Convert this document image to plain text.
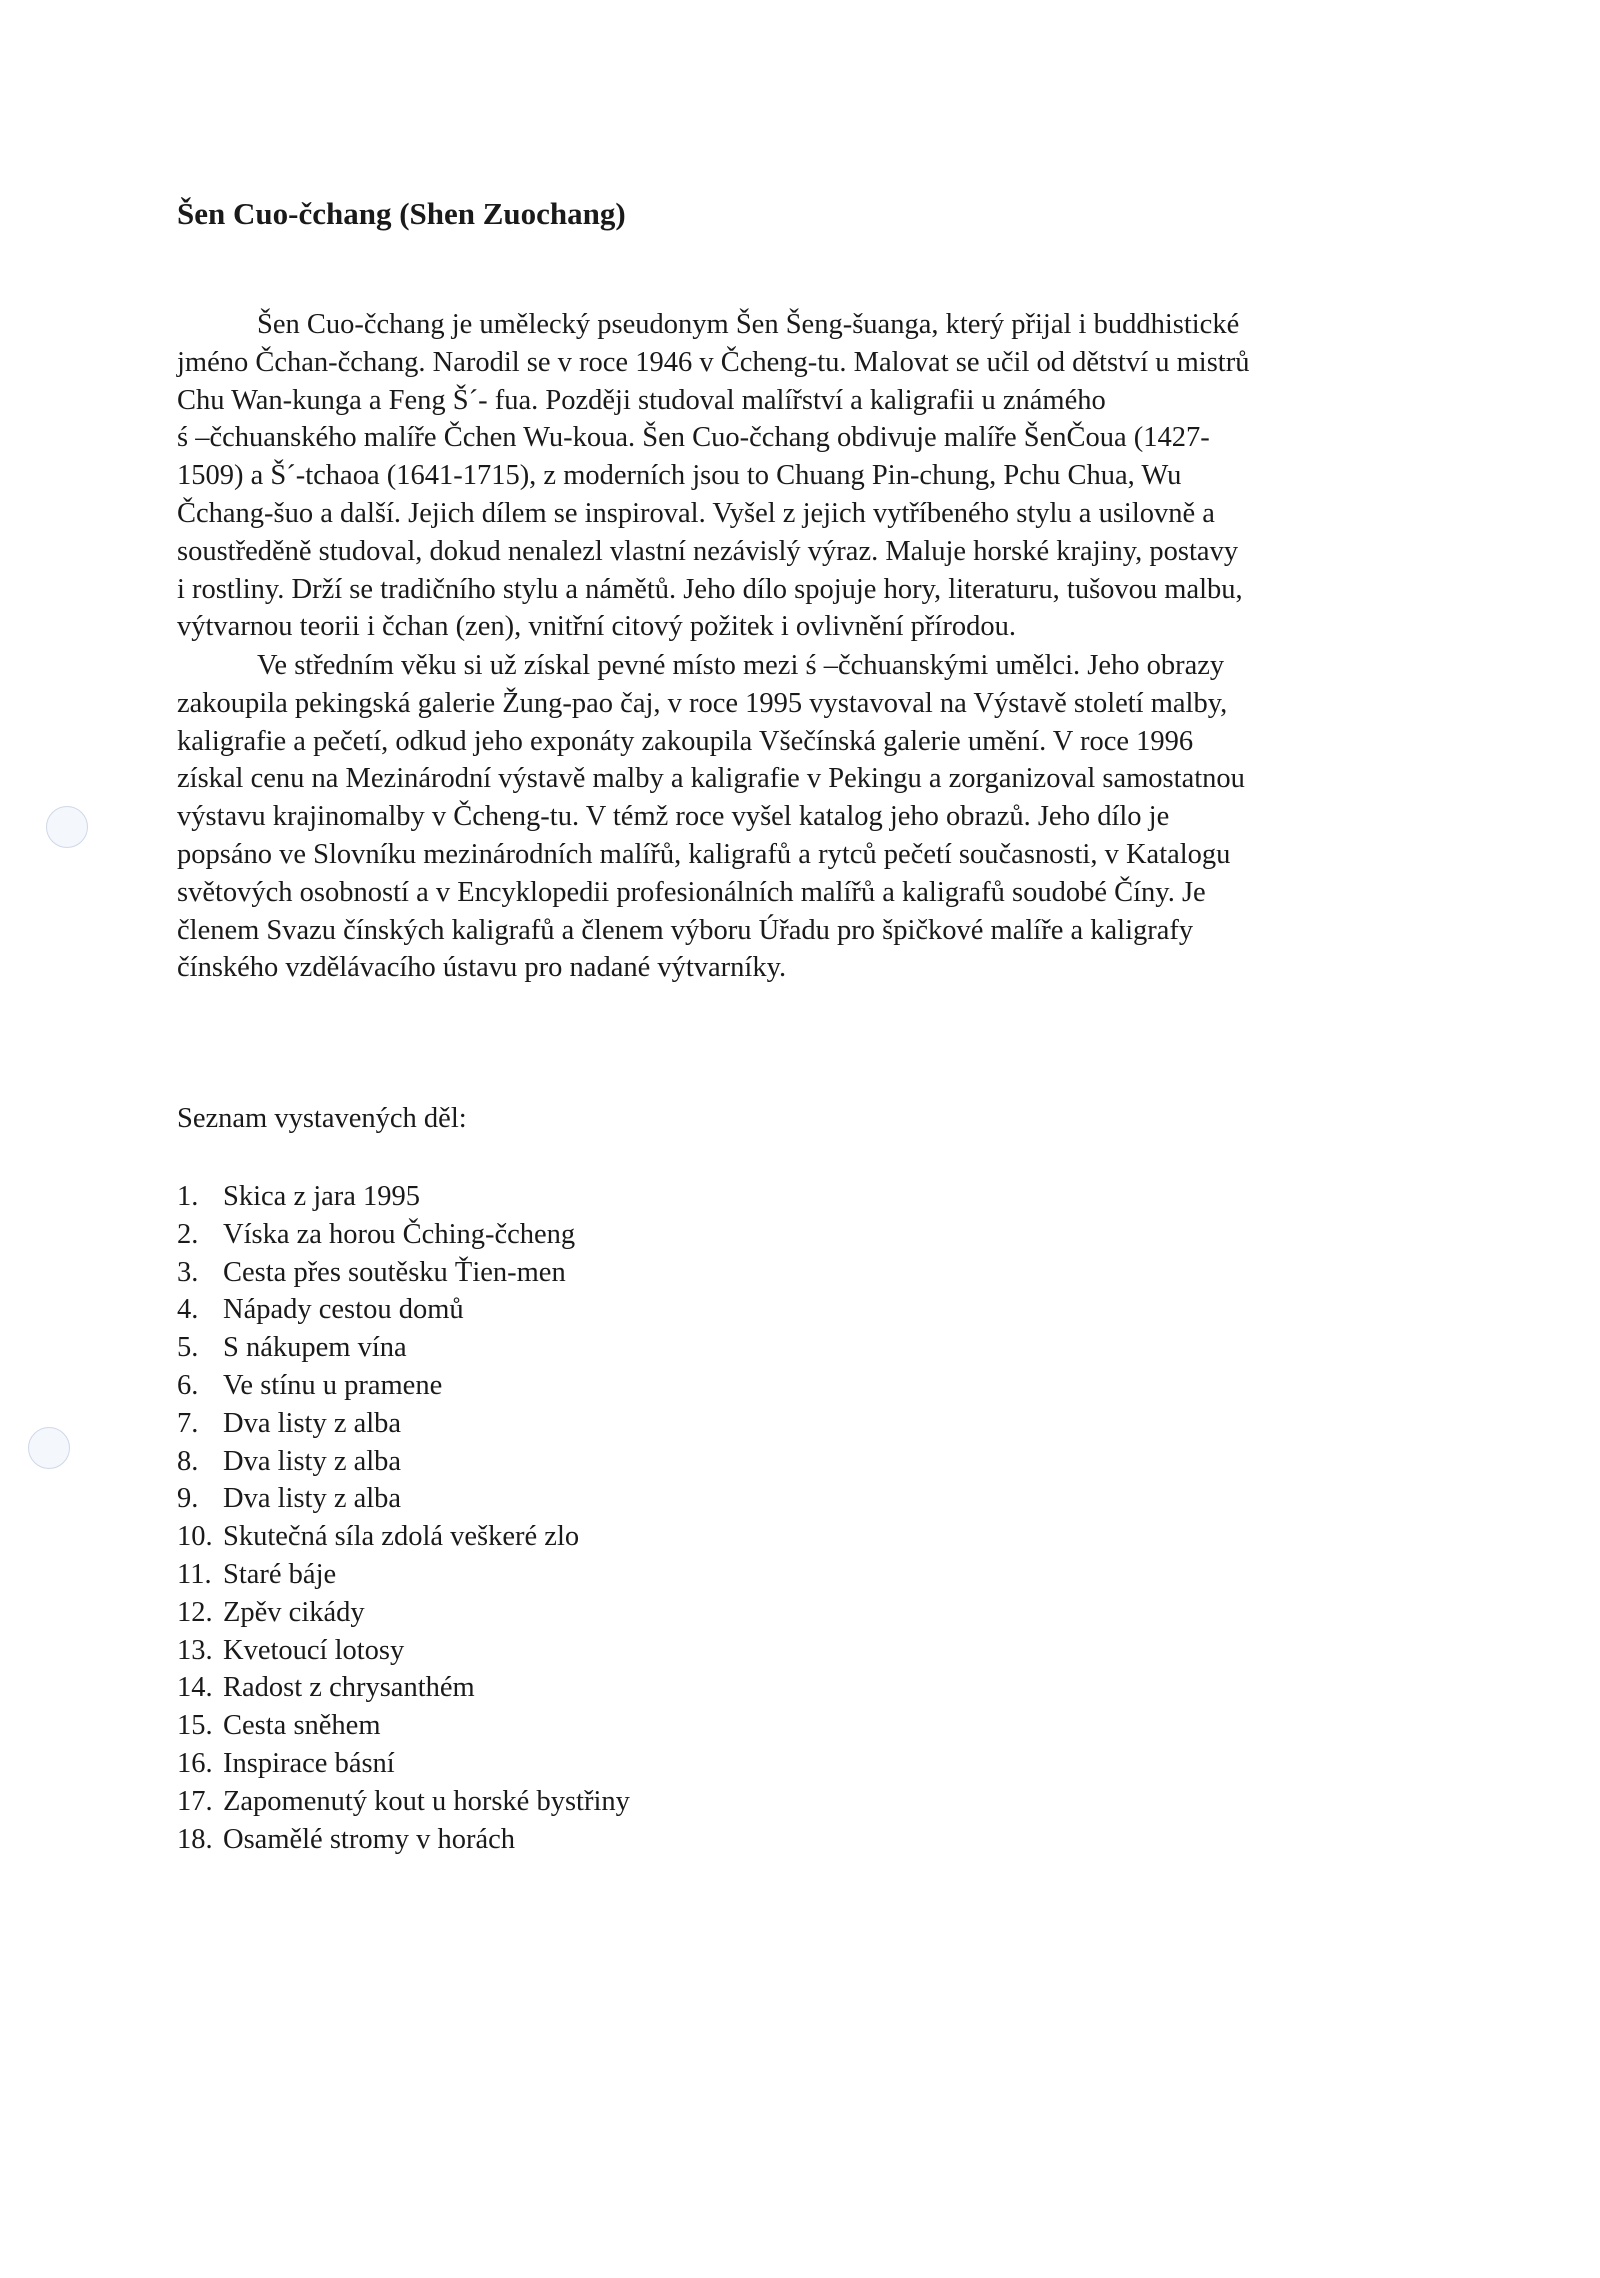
Šen Cuo-čchang (Shen Zuochang)
Šen Cuo-čchang je umělecký pseudonym Šen Šeng-šuanga, který přijal i buddhistické
jméno Čchan-čchang. Narodil se v roce 1946 v Čcheng-tu. Malovat se učil od dětství u mistrů
Chu Wan-kunga a Feng Š´- fua. Později studoval malířství a kaligrafii u známého
ś –čchuanského malíře Čchen Wu-koua. Šen Cuo-čchang obdivuje malíře ŠenČoua (1427-
1509) a Š´-tchaoa (1641-1715), z moderních jsou to Chuang Pin-chung, Pchu Chua, Wu
Čchang-šuo a další. Jejich dílem se inspiroval. Vyšel z jejich vytříbeného stylu a usilovně a
soustředěně studoval, dokud nenalezl vlastní nezávislý výraz. Maluje horské krajiny, postavy
i rostliny. Drží se tradičního stylu a námětů. Jeho dílo spojuje hory, literaturu, tušovou malbu,
výtvarnou teorii i čchan (zen), vnitřní citový požitek i ovlivnění přírodou.
Ve středním věku si už získal pevné místo mezi ś –čchuanskými umělci. Jeho obrazy
zakoupila pekingská galerie Žung-pao čaj, v roce 1995 vystavoval na Výstavě století malby,
kaligrafie a pečetí, odkud jeho exponáty zakoupila Všečínská galerie umění. V roce 1996
získal cenu na Mezinárodní výstavě malby a kaligrafie v Pekingu a zorganizoval samostatnou
výstavu krajinomalby v Čcheng-tu. V témž roce vyšel katalog jeho obrazů. Jeho dílo je
popsáno ve Slovníku mezinárodních malířů, kaligrafů a rytců pečetí současnosti, v Katalogu
světových osobností a v Encyklopedii profesionálních malířů a kaligrafů soudobé Číny. Je
členem Svazu čínských kaligrafů a členem výboru Úřadu pro špičkové malíře a kaligrafy
čínského vzdělávacího ústavu pro nadané výtvarníky.
Seznam vystavených děl:
1. Skica z jara 1995
2. Víska za horou Čching-čcheng
3. Cesta přes soutěsku Ťien-men
4. Nápady cestou domů
5. S nákupem vína
6. Ve stínu u pramene
7. Dva listy z alba
8. Dva listy z alba
9. Dva listy z alba
10. Skutečná síla zdolá veškeré zlo
11. Staré báje
12. Zpěv cikády
13. Kvetoucí lotosy
14. Radost z chrysanthém
15. Cesta sněhem
16. Inspirace básní
17. Zapomenutý kout u horské bystřiny
18. Osamělé stromy v horách
